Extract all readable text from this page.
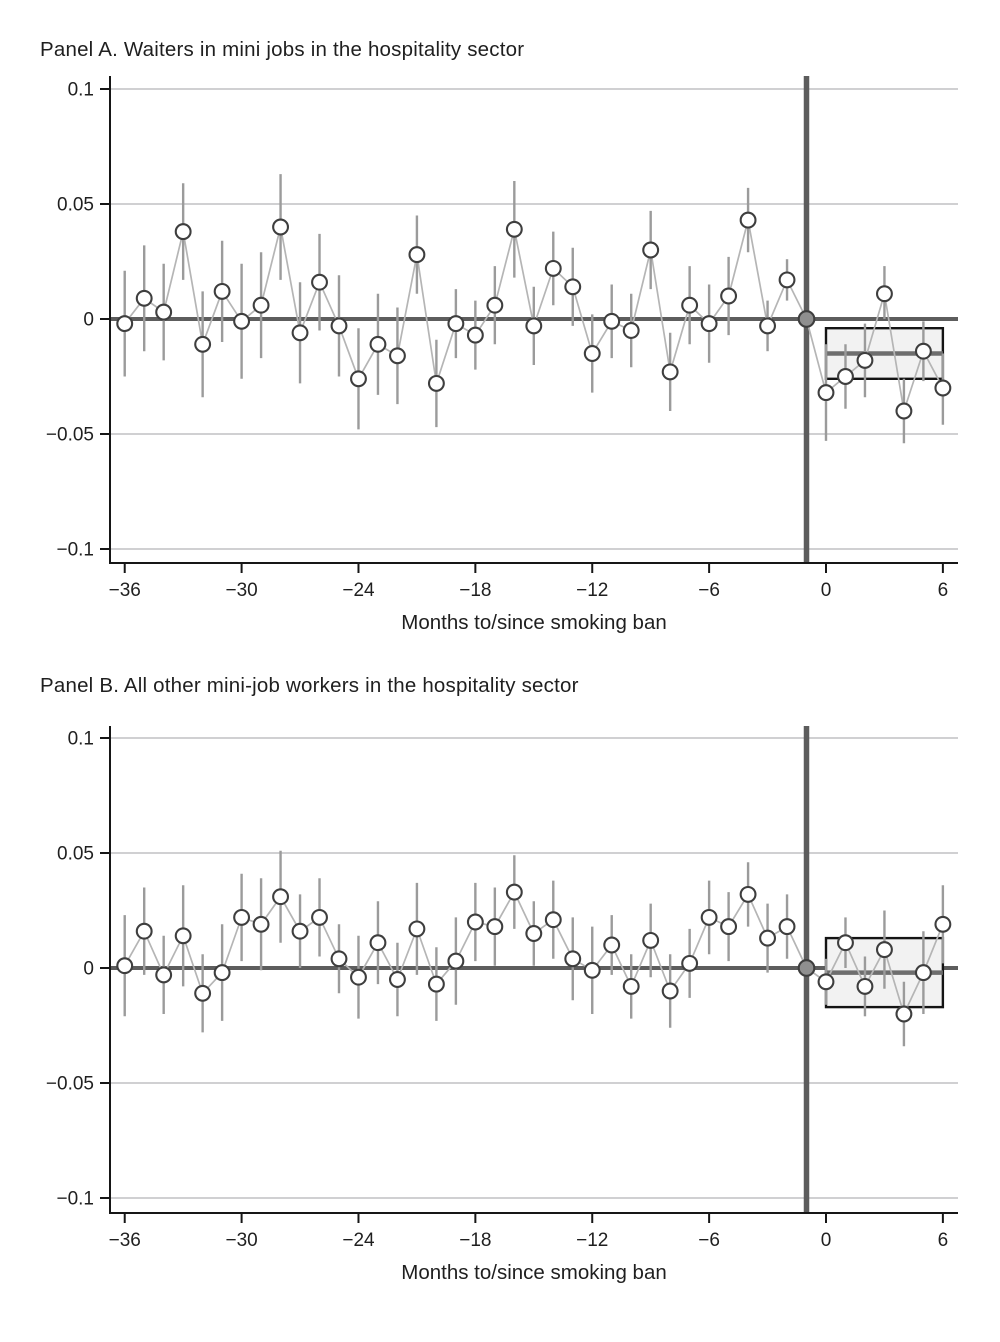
Panel A. Waiters in mini jobs in the hospitality sector
0.1
0.05
0
−0.05
−0.1
−36	−30	−24	−18	−12	−6	0	6
0.1
0.05
0
−0.05
−0.1
−36	−30	−24	−18	−12	−6	0	6
Months to/since smoking ban
Panel B. All other mini-job workers in the hospitality sector
Months to/since smoking ban
